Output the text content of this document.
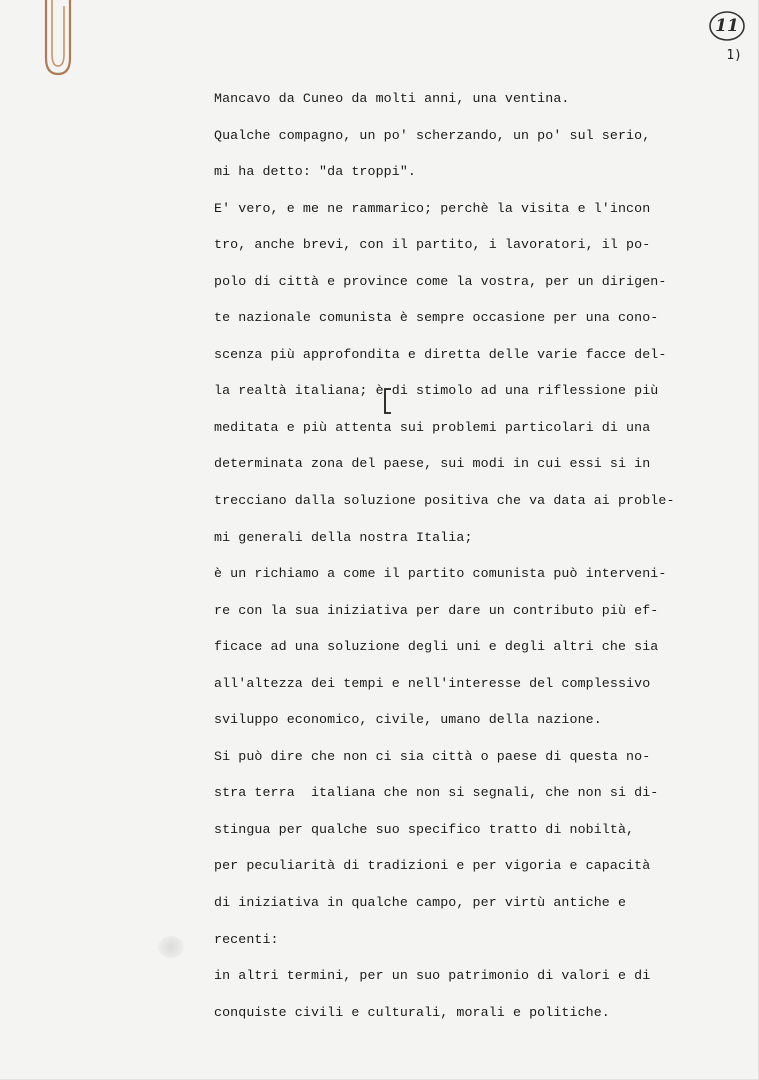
11
1)
Mancavo da Cuneo da molti anni, una ventina.
Qualche compagno, un po' scherzando, un po' sul serio,
mi ha detto: "da troppi".
E' vero, e me ne rammarico; perchè la visita e l'incon
tro, anche brevi, con il partito, i lavoratori, il po-
polo di città e province come la vostra, per un dirigen-
te nazionale comunista è sempre occasione per una cono-
scenza più approfondita e diretta delle varie facce del-
la realtà italiana; è di stimolo ad una riflessione più
meditata e più attenta sui problemi particolari di una
determinata zona del paese, sui modi in cui essi si in
trecciano dalla soluzione positiva che va data ai proble-
mi generali della nostra Italia;
è un richiamo a come il partito comunista può interveni-
re con la sua iniziativa per dare un contributo più ef-
ficace ad una soluzione degli uni e degli altri che sia
all'altezza dei tempi e nell'interesse del complessivo
sviluppo economico, civile, umano della nazione.
Si può dire che non ci sia città o paese di questa no-
stra terra  italiana che non si segnali, che non si di-
stingua per qualche suo specifico tratto di nobiltà,
per peculiarità di tradizioni e per vigoria e capacità
di iniziativa in qualche campo, per virtù antiche e
recenti:
in altri termini, per un suo patrimonio di valori e di
conquiste civili e culturali, morali e politiche.
